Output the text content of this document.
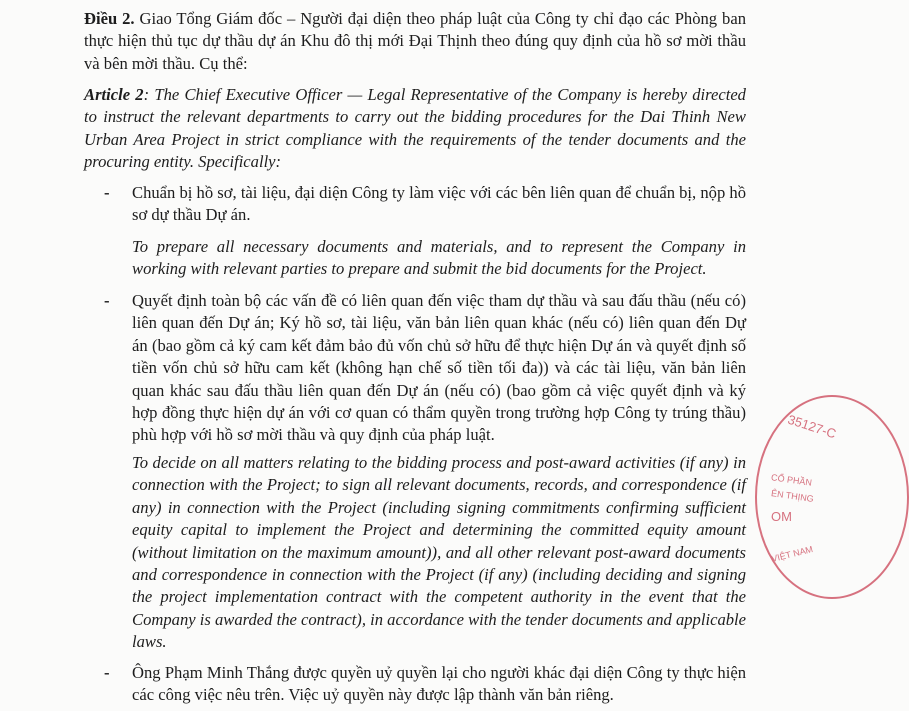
Điều 2. Giao Tổng Giám đốc – Người đại diện theo pháp luật của Công ty chỉ đạo các Phòng ban thực hiện thủ tục dự thầu dự án Khu đô thị mới Đại Thịnh theo đúng quy định của hồ sơ mời thầu và bên mời thầu. Cụ thể:

Article 2: The Chief Executive Officer — Legal Representative of the Company is hereby directed to instruct the relevant departments to carry out the bidding procedures for the Dai Thinh New Urban Area Project in strict compliance with the requirements of the tender documents and the procuring entity. Specifically:

- Chuẩn bị hồ sơ, tài liệu, đại diện Công ty làm việc với các bên liên quan để chuẩn bị, nộp hồ sơ dự thầu Dự án.

To prepare all necessary documents and materials, and to represent the Company in working with relevant parties to prepare and submit the bid documents for the Project.

- Quyết định toàn bộ các vấn đề có liên quan đến việc tham dự thầu và sau đấu thầu (nếu có) liên quan đến Dự án; Ký hồ sơ, tài liệu, văn bản liên quan khác (nếu có) liên quan đến Dự án (bao gồm cả ký cam kết đảm bảo đủ vốn chủ sở hữu để thực hiện Dự án và quyết định số tiền vốn chủ sở hữu cam kết (không hạn chế số tiền tối đa)) và các tài liệu, văn bản liên quan khác sau đấu thầu liên quan đến Dự án (nếu có) (bao gồm cả việc quyết định và ký hợp đồng thực hiện dự án với cơ quan có thẩm quyền trong trường hợp Công ty trúng thầu) phù hợp với hồ sơ mời thầu và quy định của pháp luật.

To decide on all matters relating to the bidding process and post-award activities (if any) in connection with the Project; to sign all relevant documents, records, and correspondence (if any) in connection with the Project (including signing commitments confirming sufficient equity capital to implement the Project and determining the committed equity amount (without limitation on the maximum amount)), and all other relevant post-award documents and correspondence in connection with the Project (if any) (including deciding and signing the project implementation contract with the competent authority in the event that the Company is awarded the contract), in accordance with the tender documents and applicable laws.

- Ông Phạm Minh Thắng được quyền uỷ quyền lại cho người khác đại diện Công ty thực hiện các công việc nêu trên. Việc uỷ quyền này được lập thành văn bản riêng.

35127-C
CỔ PHẦN
ÊN THỊNG
OM
VIỆT NAM
